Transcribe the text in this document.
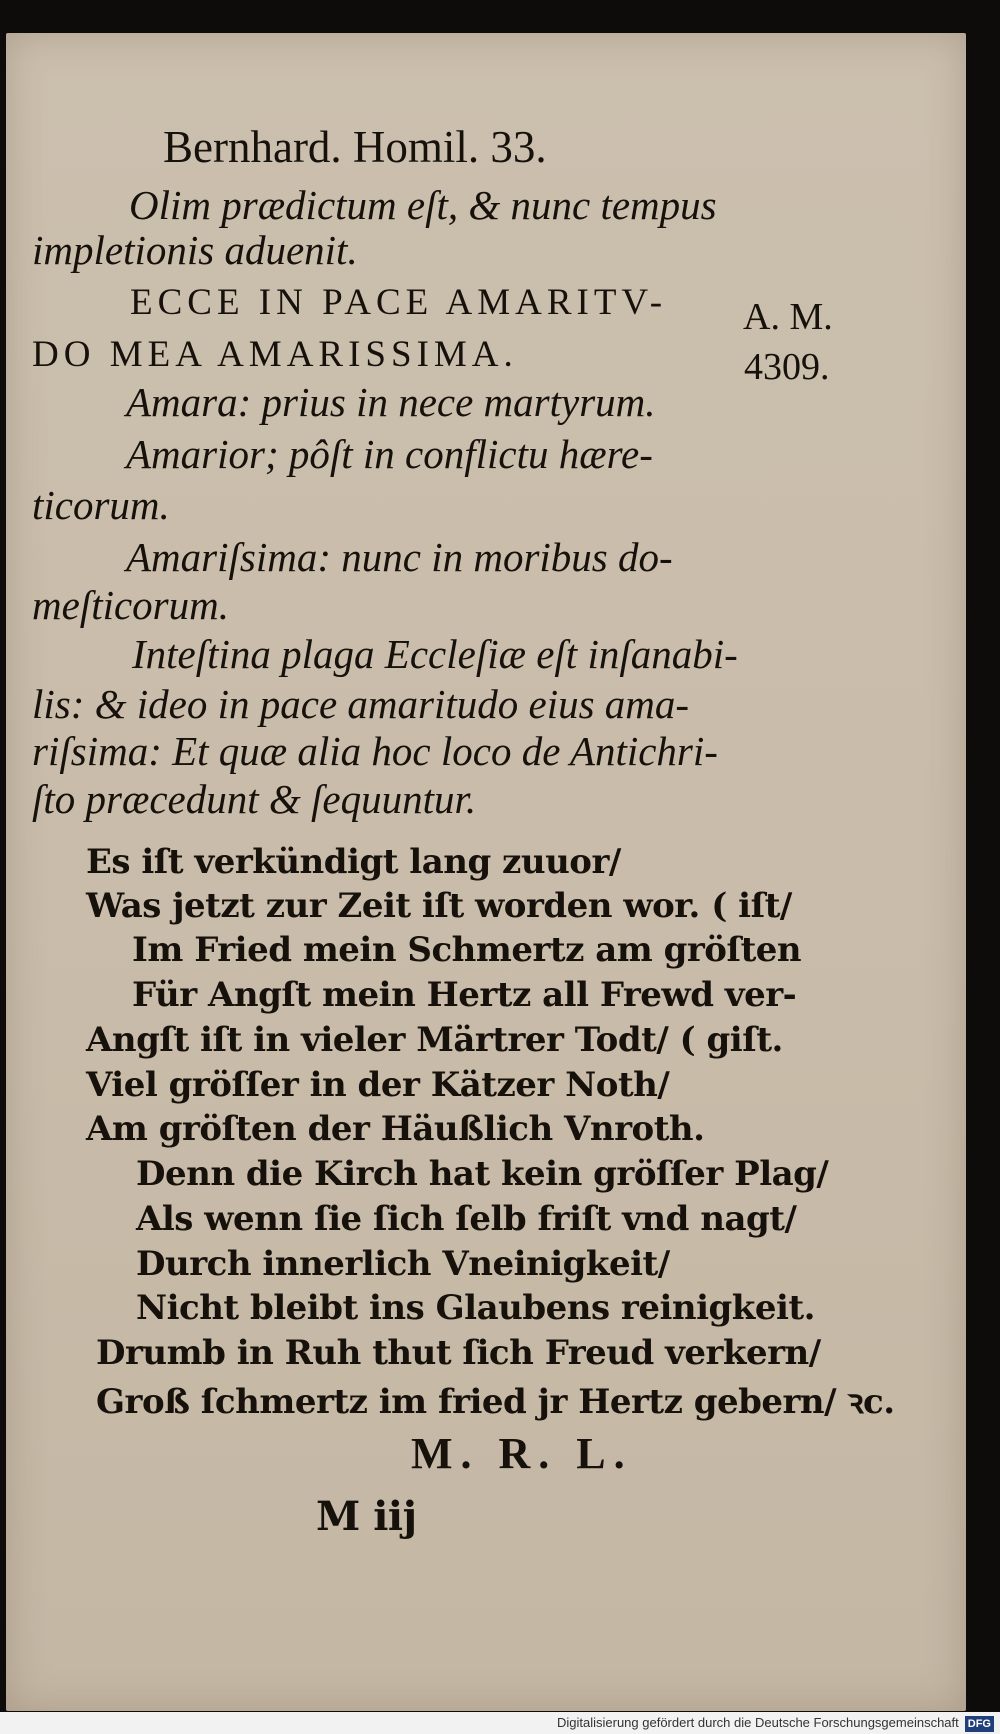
Bernhard. Homil. 33.
Olim prædictum eſt, & nunc tempus
impletionis aduenit.
ECCE IN PACE AMARITV-
DO MEA AMARISSIMA.
Amara: prius in nece martyrum.
Amarior; pôſt in conflictu hære-
ticorum.
Amariſsima: nunc in moribus do-
meſticorum.
Inteſtina plaga Eccleſiæ eſt inſanabi-
lis: & ideo in pace amaritudo eius ama-
riſsima: Et quæ alia hoc loco de Antichri-
ſto præcedunt & ſequuntur.
A. M.
4309.
Es iſt verkündigt lang zuuor/
Was jetzt zur Zeit iſt worden wor. ( iſt/
Im Fried mein Schmertz am gröſten
Für Angſt mein Hertz all Frewd ver-
Angſt iſt in vieler Märtrer Todt/ ( giſt.
Viel gröſſer in der Kätzer Noth/
Am gröſten der Häußlich Vnroth.
Denn die Kirch hat kein gröſſer Plag/
Als wenn ſie ſich ſelb friſt vnd nagt/
Durch innerlich Vneinigkeit/
Nicht bleibt ins Glaubens reinigkeit.
Drumb in Ruh thut ſich Freud verkern/
Groß ſchmertz im fried jr Hertz gebern/ ꝛc.
M. R. L.
M iij
Digitalisierung gefördert durch die Deutsche Forschungsgemeinschaft DFG
